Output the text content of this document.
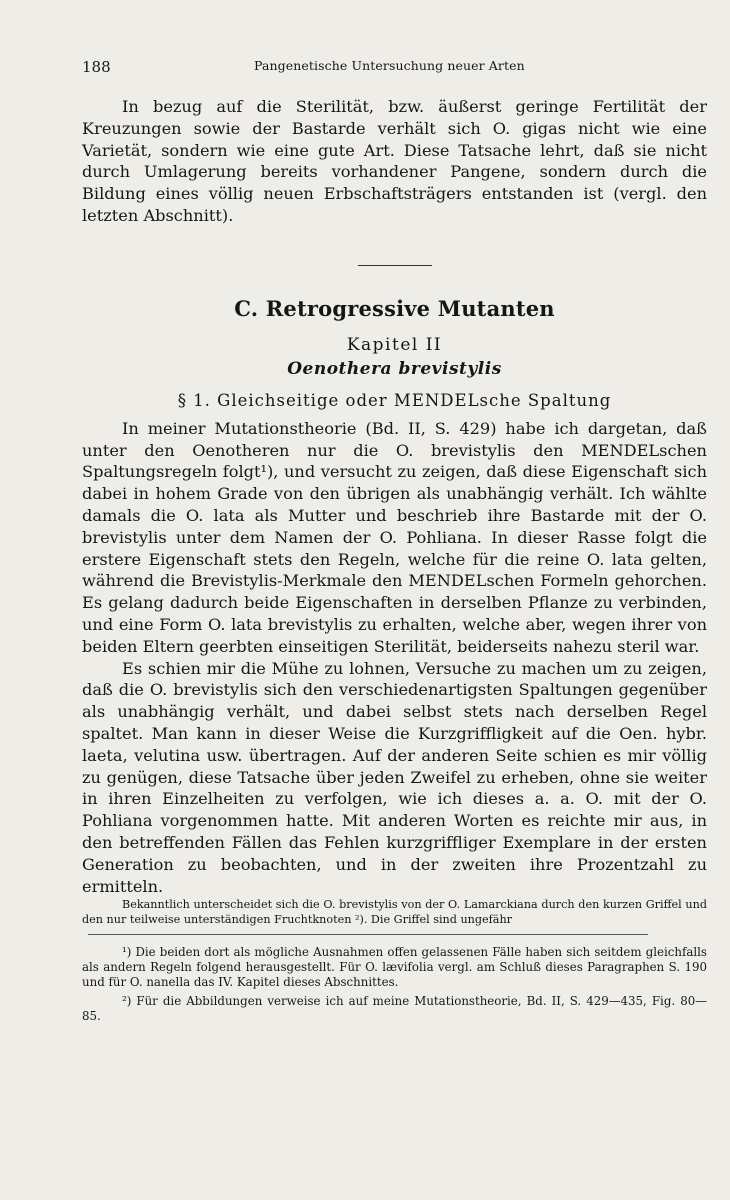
188	Pangenetische Untersuchung neuer Arten

In bezug auf die Sterilität, bzw. äußerst geringe Fertilität der Kreuzungen sowie der Bastarde verhält sich O. gigas nicht wie eine Varietät, sondern wie eine gute Art. Diese Tatsache lehrt, daß sie nicht durch Umlagerung bereits vorhandener Pangene, sondern durch die Bildung eines völlig neuen Erbschaftsträgers entstanden ist (vergl. den letzten Abschnitt).

C. Retrogressive Mutanten
Kapitel II
Oenothera brevistylis
§ 1. Gleichseitige oder MENDELsche Spaltung

In meiner Mutationstheorie (Bd. II, S. 429) habe ich dargetan, daß unter den Oenotheren nur die O. brevistylis den MENDELschen Spaltungsregeln folgt¹), und versucht zu zeigen, daß diese Eigenschaft sich dabei in hohem Grade von den übrigen als unabhängig verhält. Ich wählte damals die O. lata als Mutter und beschrieb ihre Bastarde mit der O. brevistylis unter dem Namen der O. Pohliana. In dieser Rasse folgt die erstere Eigenschaft stets den Regeln, welche für die reine O. lata gelten, während die Brevistylis-Merkmale den MENDELschen Formeln gehorchen. Es gelang dadurch beide Eigenschaften in derselben Pflanze zu verbinden, und eine Form O. lata brevistylis zu erhalten, welche aber, wegen ihrer von beiden Eltern geerbten einseitigen Sterilität, beiderseits nahezu steril war.

Es schien mir die Mühe zu lohnen, Versuche zu machen um zu zeigen, daß die O. brevistylis sich den verschiedenartigsten Spaltungen gegenüber als unabhängig verhält, und dabei selbst stets nach derselben Regel spaltet. Man kann in dieser Weise die Kurzgriffligkeit auf die Oen. hybr. laeta, velutina usw. übertragen. Auf der anderen Seite schien es mir völlig zu genügen, diese Tatsache über jeden Zweifel zu erheben, ohne sie weiter in ihren Einzelheiten zu verfolgen, wie ich dieses a. a. O. mit der O. Pohliana vorgenommen hatte. Mit anderen Worten es reichte mir aus, in den betreffenden Fällen das Fehlen kurzgriffliger Exemplare in der ersten Generation zu beobachten, und in der zweiten ihre Prozentzahl zu ermitteln.

Bekanntlich unterscheidet sich die O. brevistylis von der O. Lamarckiana durch den kurzen Griffel und den nur teilweise unterständigen Fruchtknoten ²). Die Griffel sind ungefähr

¹) Die beiden dort als mögliche Ausnahmen offen gelassenen Fälle haben sich seitdem gleichfalls als andern Regeln folgend herausgestellt. Für O. lævifolia vergl. am Schluß dieses Paragraphen S. 190 und für O. nanella das IV. Kapitel dieses Abschnittes.

²) Für die Abbildungen verweise ich auf meine Mutationstheorie, Bd. II, S. 429—435, Fig. 80—85.
